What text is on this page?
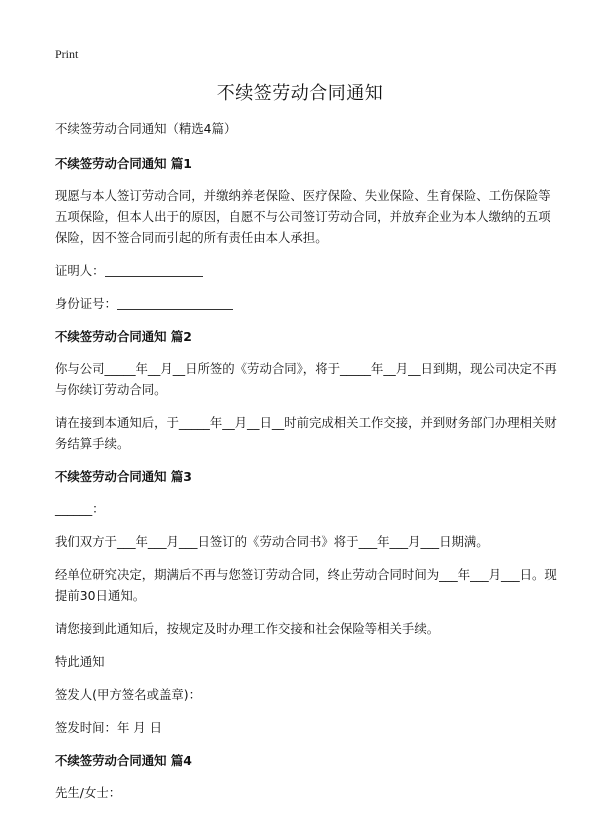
Print
不续签劳动合同通知
不续签劳动合同通知（精选4篇）
不续签劳动合同通知 篇1
现愿与本人签订劳动合同，并缴纳养老保险、医疗保险、失业保险、生育保险、工伤保险等五项保险，但本人出于的原因，自愿不与公司签订劳动合同，并放弃企业为本人缴纳的五项保险，因不签合同而引起的所有责任由本人承担。
证明人：
身份证号：
不续签劳动合同通知 篇2
你与公司_____年__月__日所签的《劳动合同》，将于_____年__月__日到期，现公司决定不再与你续订劳动合同。
请在接到本通知后，于_____年__月__日__时前完成相关工作交接，并到财务部门办理相关财务结算手续。
不续签劳动合同通知 篇3
______：
我们双方于___年___月___日签订的《劳动合同书》将于___年___月___日期满。
经单位研究决定，期满后不再与您签订劳动合同，终止劳动合同时间为___年___月___日。现提前30日通知。
请您接到此通知后，按规定及时办理工作交接和社会保险等相关手续。
特此通知
签发人(甲方签名或盖章)：
签发时间：年 月 日
不续签劳动合同通知 篇4
先生/女士：
